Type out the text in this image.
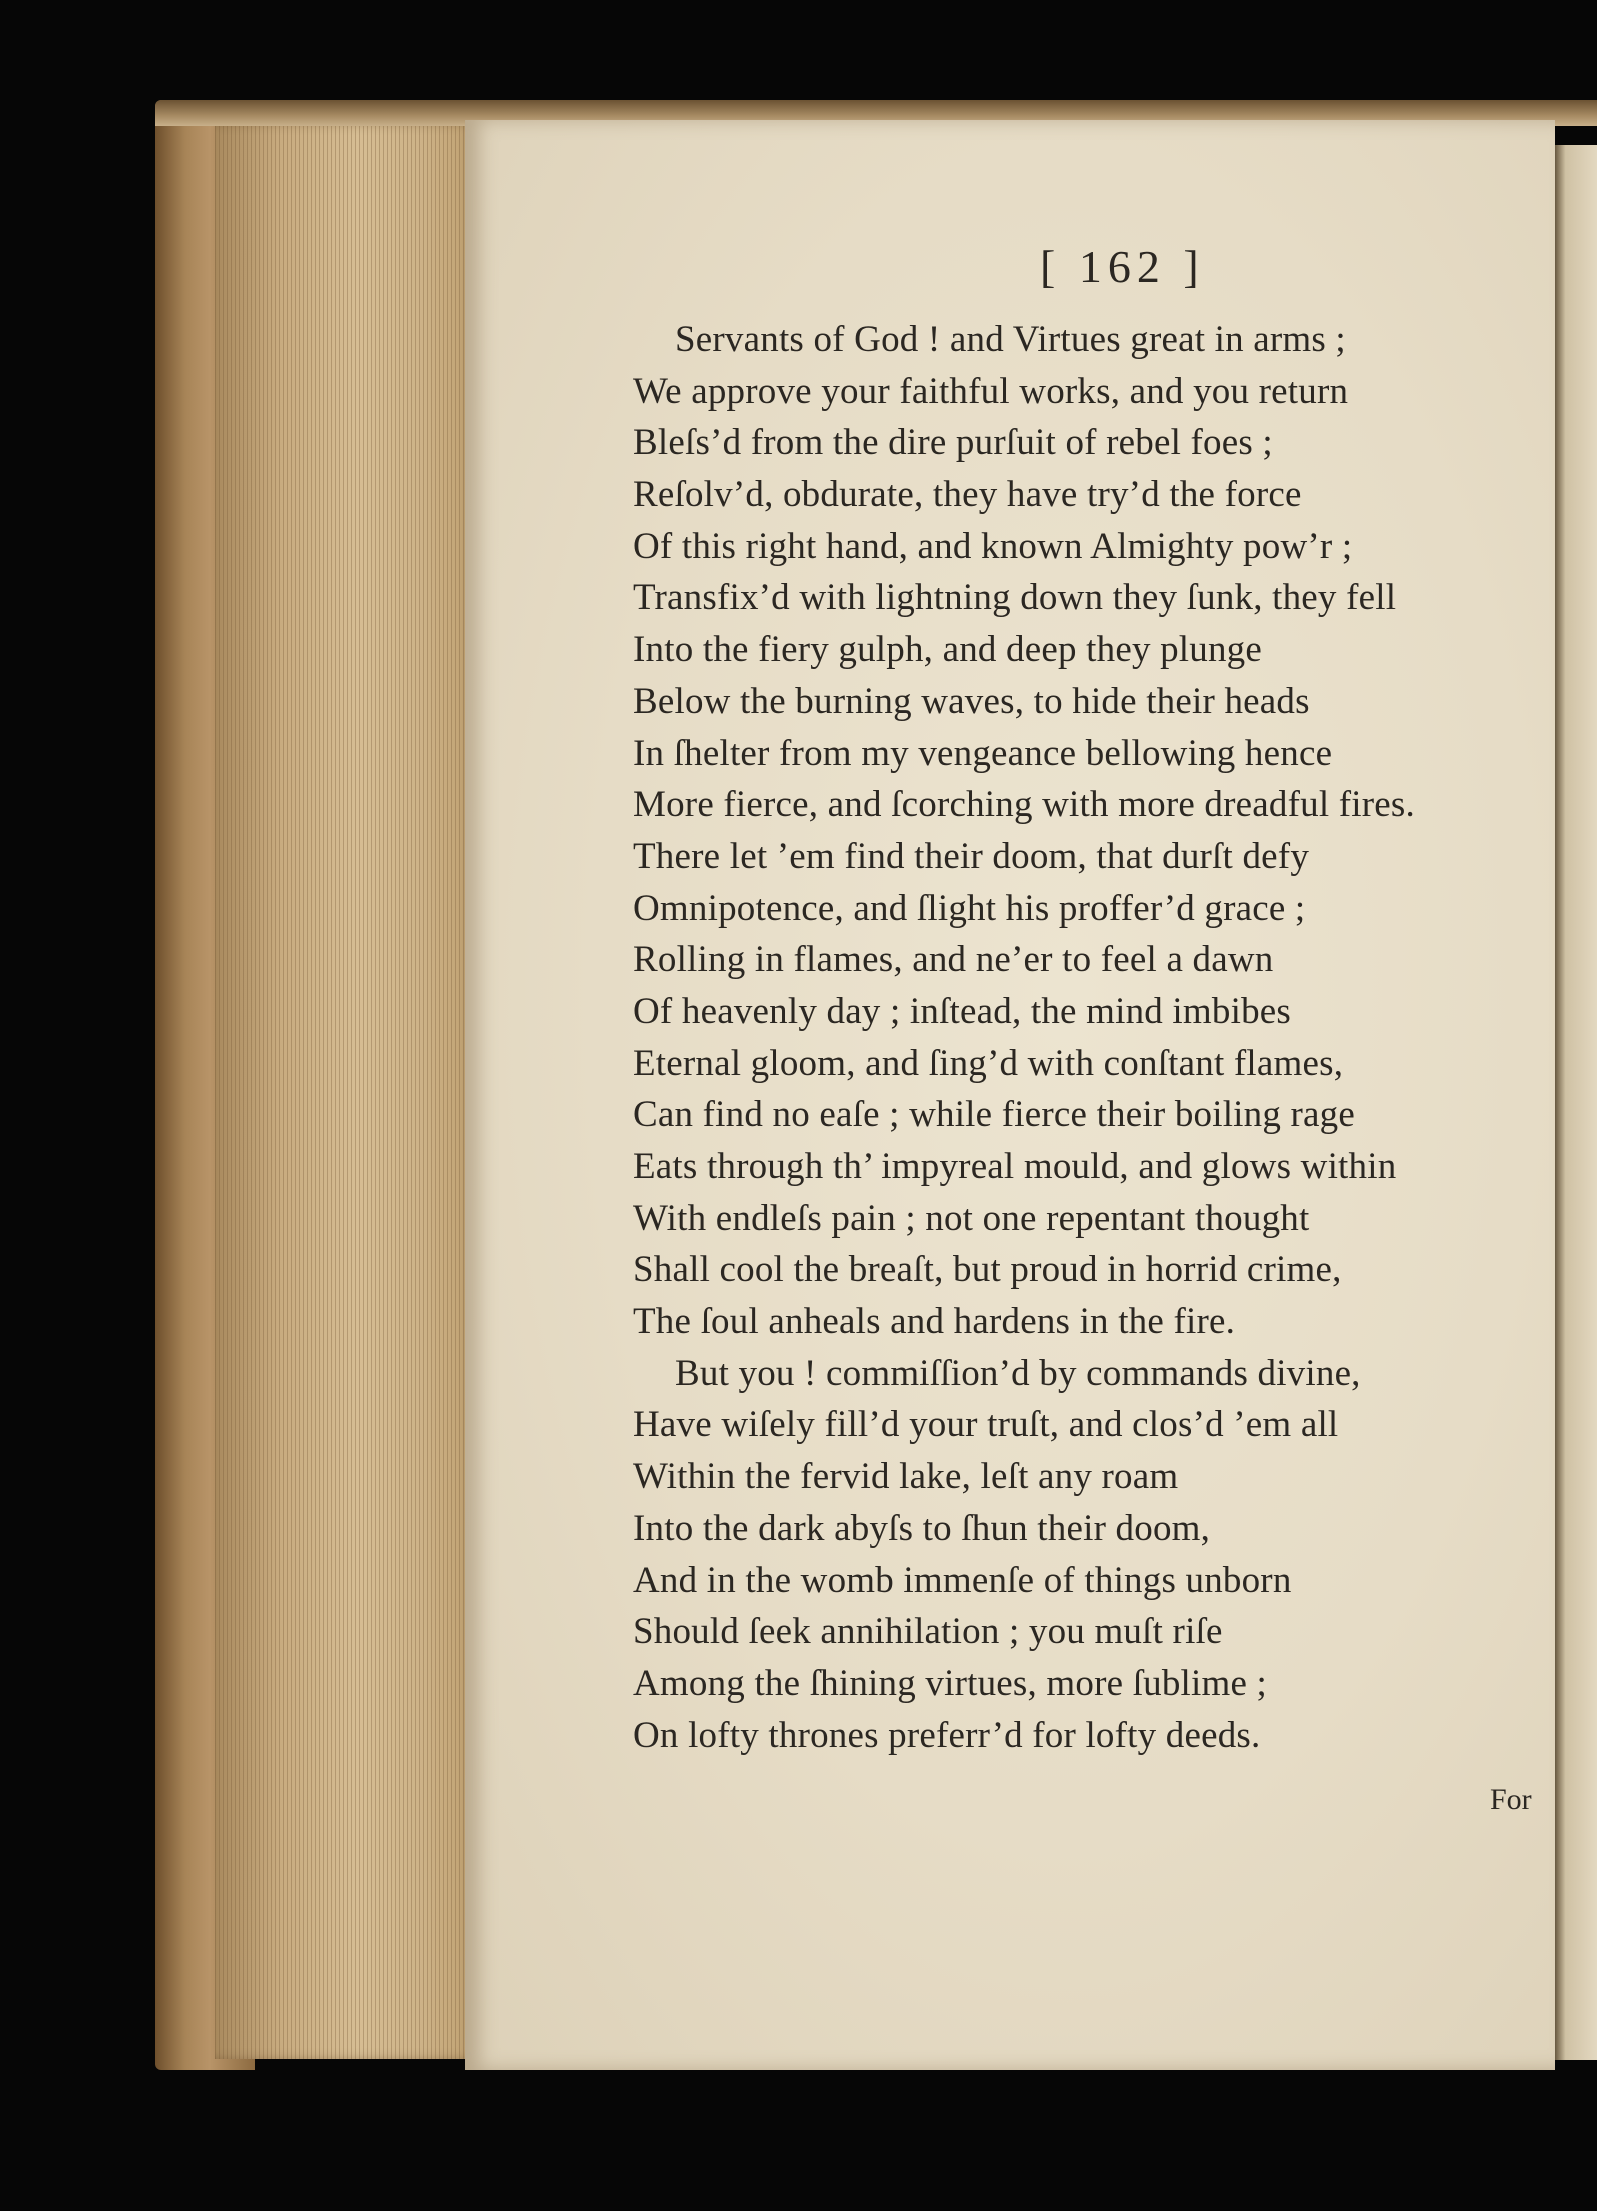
[ 162 ]
Servants of God ! and Virtues great in arms ;
We approve your faithful works, and you return
Bleſs’d from the dire purſuit of rebel foes ;
Reſolv’d, obdurate, they have try’d the force
Of this right hand, and known Almighty pow’r ;
Transfix’d with lightning down they ſunk, they fell
Into the fiery gulph, and deep they plunge
Below the burning waves, to hide their heads
In ſhelter from my vengeance bellowing hence
More fierce, and ſcorching with more dreadful fires.
There let ’em find their doom, that durſt defy
Omnipotence, and ſlight his proffer’d grace ;
Rolling in flames, and ne’er to feel a dawn
Of heavenly day ; inſtead, the mind imbibes
Eternal gloom, and ſing’d with conſtant flames,
Can find no eaſe ; while fierce their boiling rage
Eats through th’ impyreal mould, and glows within
With endleſs pain ; not one repentant thought
Shall cool the breaſt, but proud in horrid crime,
The ſoul anheals and hardens in the fire.
But you ! commiſſion’d by commands divine,
Have wiſely fill’d your truſt, and clos’d ’em all
Within the fervid lake, leſt any roam
Into the dark abyſs to ſhun their doom,
And in the womb immenſe of things unborn
Should ſeek annihilation ; you muſt riſe
Among the ſhining virtues, more ſublime ;
On lofty thrones preferr’d for lofty deeds.
For
